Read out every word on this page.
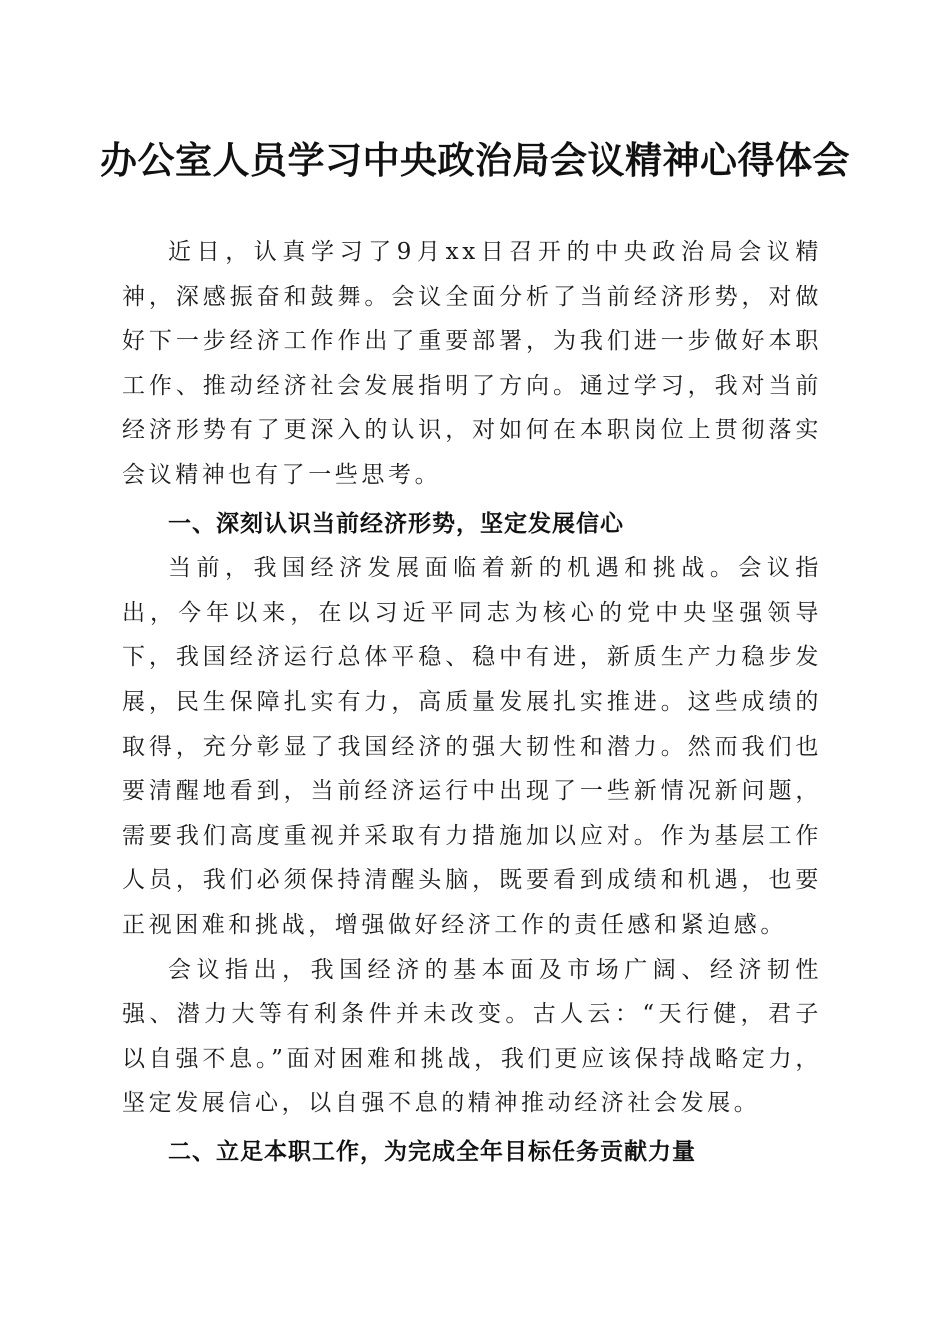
办公室人员学习中央政治局会议精神心得体会

近日，认真学习了9月xx日召开的中央政治局会议精神，深感振奋和鼓舞。会议全面分析了当前经济形势，对做好下一步经济工作作出了重要部署，为我们进一步做好本职工作、推动经济社会发展指明了方向。通过学习，我对当前经济形势有了更深入的认识，对如何在本职岗位上贯彻落实会议精神也有了一些思考。

一、深刻认识当前经济形势，坚定发展信心

当前，我国经济发展面临着新的机遇和挑战。会议指出，今年以来，在以习近平同志为核心的党中央坚强领导下，我国经济运行总体平稳、稳中有进，新质生产力稳步发展，民生保障扎实有力，高质量发展扎实推进。这些成绩的取得，充分彰显了我国经济的强大韧性和潜力。然而我们也要清醒地看到，当前经济运行中出现了一些新情况新问题，需要我们高度重视并采取有力措施加以应对。作为基层工作人员，我们必须保持清醒头脑，既要看到成绩和机遇，也要正视困难和挑战，增强做好经济工作的责任感和紧迫感。

会议指出，我国经济的基本面及市场广阔、经济韧性强、潜力大等有利条件并未改变。古人云：“天行健，君子以自强不息。”面对困难和挑战，我们更应该保持战略定力，坚定发展信心，以自强不息的精神推动经济社会发展。

二、立足本职工作，为完成全年目标任务贡献力量
